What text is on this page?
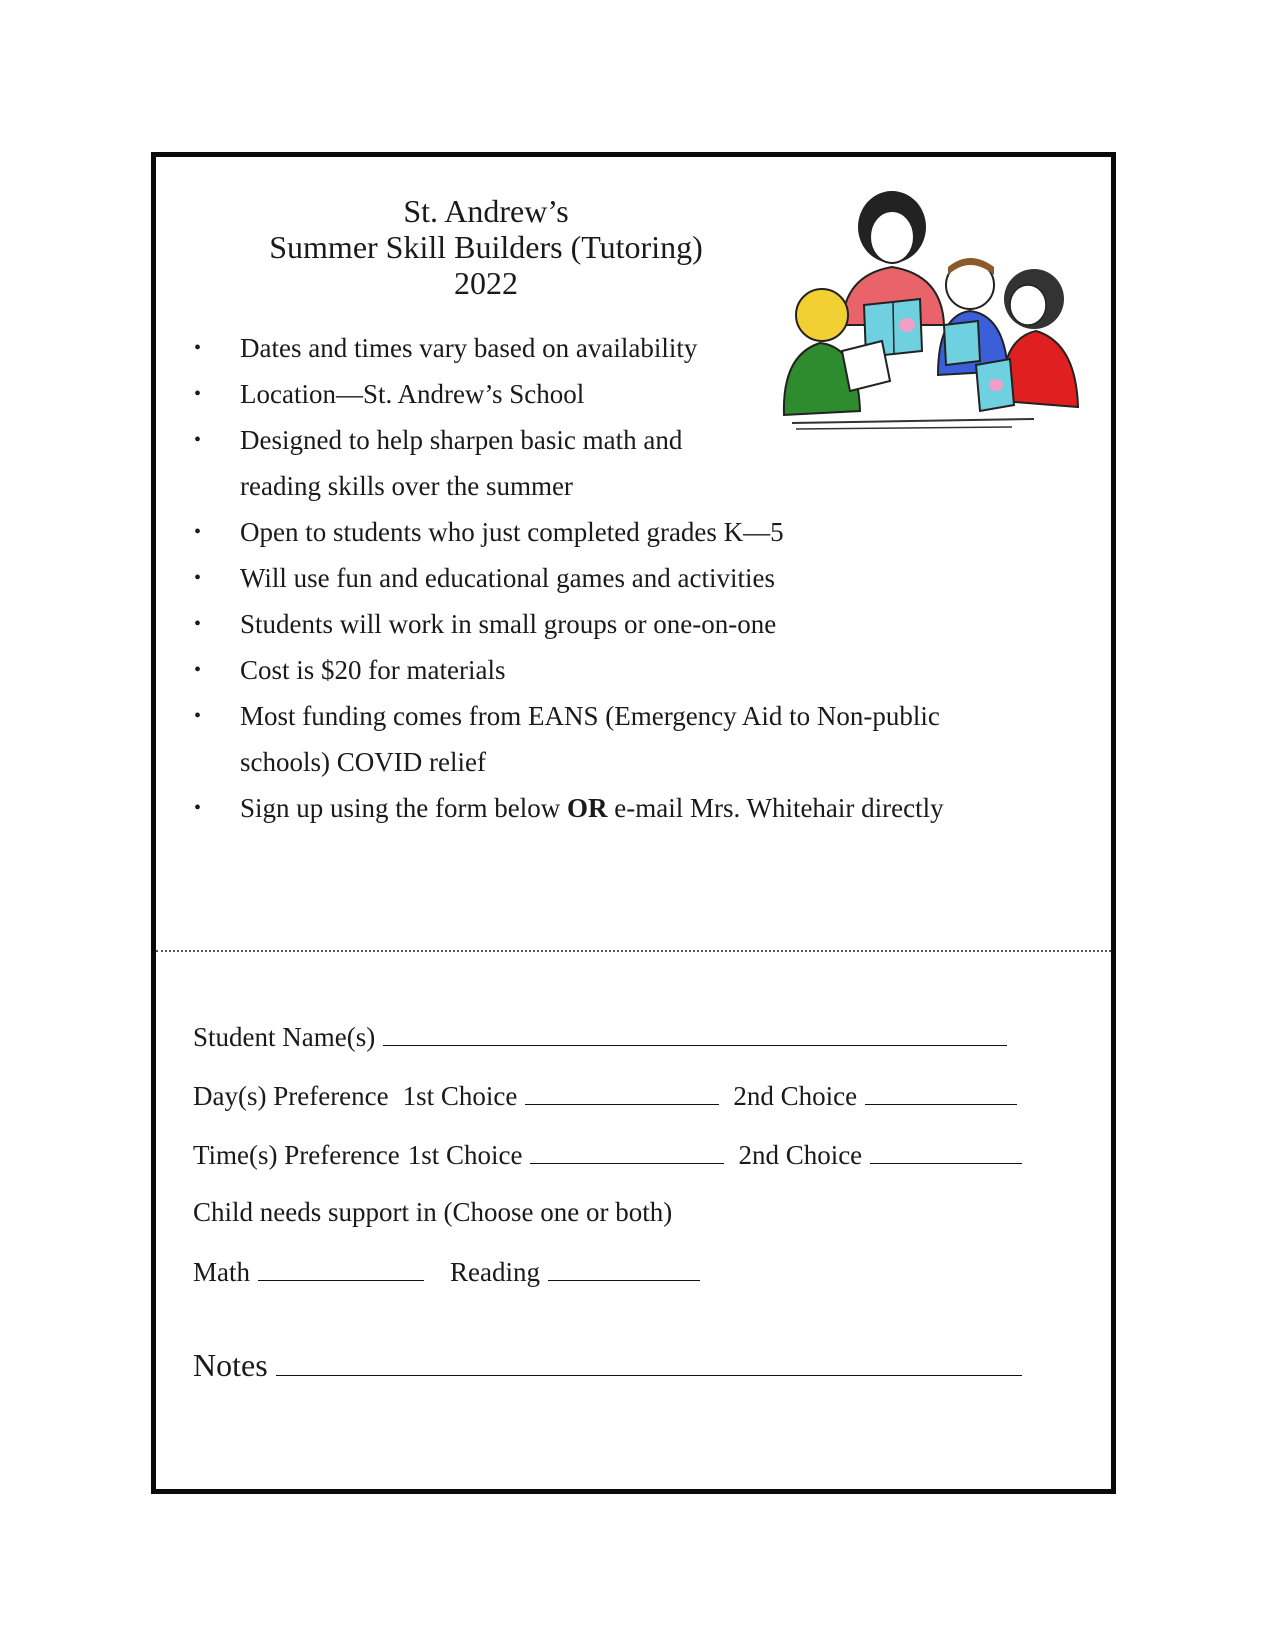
St. Andrew’s
Summer Skill Builders (Tutoring)
2022
• Dates and times vary based on availability
• Location—St. Andrew’s School
• Designed to help sharpen basic math and
reading skills over the summer
• Open to students who just completed grades K—5
• Will use fun and educational games and activities
• Students will work in small groups or one-on-one
• Cost is $20 for materials
• Most funding comes from EANS (Emergency Aid to Non-public
schools) COVID relief
• Sign up using the form below OR e-mail Mrs. Whitehair directly
Student Name(s)
Day(s) Preference 1st Choice	2nd Choice
Time(s) Preference 1st Choice	2nd Choice
Child needs support in (Choose one or both)
Math	Reading
Notes
